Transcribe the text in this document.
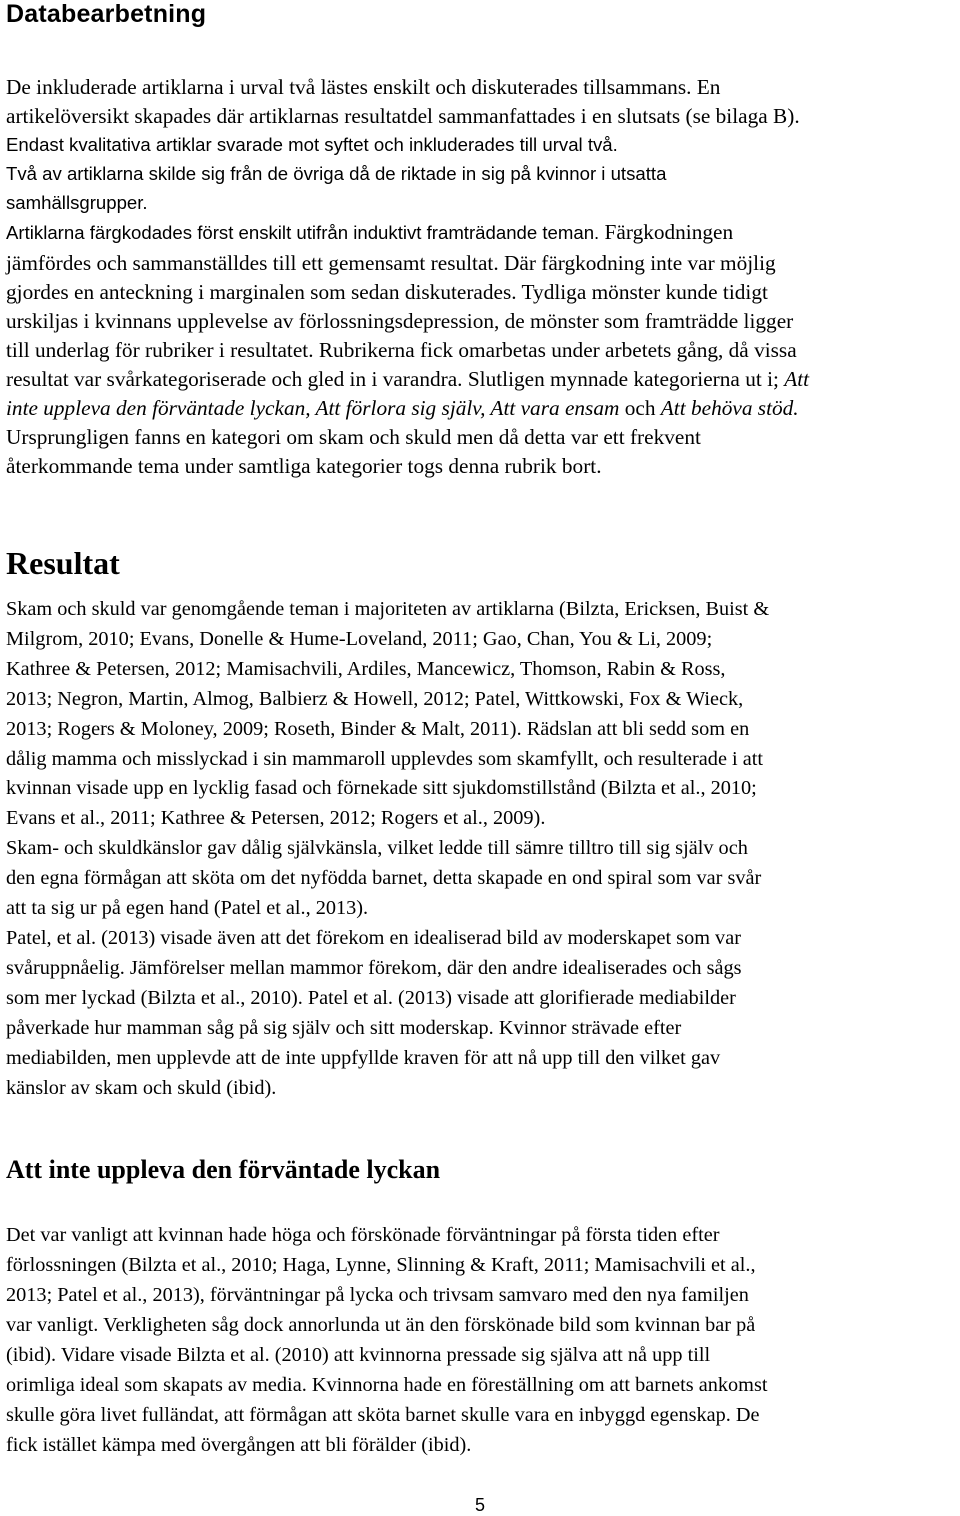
Databearbetning
De inkluderade artiklarna i urval två lästes enskilt och diskuterades tillsammans. En
artikelöversikt skapades där artiklarnas resultatdel sammanfattades i en slutsats (se bilaga B).
Endast kvalitativa artiklar svarade mot syftet och inkluderades till urval två.
Två av artiklarna skilde sig från de övriga då de riktade in sig på kvinnor i utsatta
samhällsgrupper.
Artiklarna färgkodades först enskilt utifrån induktivt framträdande teman. Färgkodningen
jämfördes och sammanställdes till ett gemensamt resultat. Där färgkodning inte var möjlig
gjordes en anteckning i marginalen som sedan diskuterades. Tydliga mönster kunde tidigt
urskiljas i kvinnans upplevelse av förlossningsdepression, de mönster som framträdde ligger
till underlag för rubriker i resultatet. Rubrikerna fick omarbetas under arbetets gång, då vissa
resultat var svårkategoriserade och gled in i varandra. Slutligen mynnade kategorierna ut i; Att
inte uppleva den förväntade lyckan, Att förlora sig själv, Att vara ensam och Att behöva stöd.
Ursprungligen fanns en kategori om skam och skuld men då detta var ett frekvent
återkommande tema under samtliga kategorier togs denna rubrik bort.
Resultat
Skam och skuld var genomgående teman i majoriteten av artiklarna (Bilzta, Ericksen, Buist &
Milgrom, 2010; Evans, Donelle & Hume-Loveland, 2011; Gao, Chan, You & Li, 2009;
Kathree & Petersen, 2012; Mamisachvili, Ardiles, Mancewicz, Thomson, Rabin & Ross,
2013; Negron, Martin, Almog, Balbierz & Howell, 2012; Patel, Wittkowski, Fox & Wieck,
2013; Rogers & Moloney, 2009; Roseth, Binder & Malt, 2011). Rädslan att bli sedd som en
dålig mamma och misslyckad i sin mammaroll upplevdes som skamfyllt, och resulterade i att
kvinnan visade upp en lycklig fasad och förnekade sitt sjukdomstillstånd (Bilzta et al., 2010;
Evans et al., 2011; Kathree & Petersen, 2012; Rogers et al., 2009).
Skam- och skuldkänslor gav dålig självkänsla, vilket ledde till sämre tilltro till sig själv och
den egna förmågan att sköta om det nyfödda barnet, detta skapade en ond spiral som var svår
att ta sig ur på egen hand (Patel et al., 2013).
Patel, et al. (2013) visade även att det förekom en idealiserad bild av moderskapet som var
svåruppnåelig. Jämförelser mellan mammor förekom, där den andre idealiserades och sågs
som mer lyckad (Bilzta et al., 2010). Patel et al. (2013) visade att glorifierade mediabilder
påverkade hur mamman såg på sig själv och sitt moderskap. Kvinnor strävade efter
mediabilden, men upplevde att de inte uppfyllde kraven för att nå upp till den vilket gav
känslor av skam och skuld (ibid).
Att inte uppleva den förväntade lyckan
Det var vanligt att kvinnan hade höga och förskönade förväntningar på första tiden efter
förlossningen (Bilzta et al., 2010; Haga, Lynne, Slinning & Kraft, 2011; Mamisachvili et al.,
2013; Patel et al., 2013), förväntningar på lycka och trivsam samvaro med den nya familjen
var vanligt. Verkligheten såg dock annorlunda ut än den förskönade bild som kvinnan bar på
(ibid). Vidare visade Bilzta et al. (2010) att kvinnorna pressade sig själva att nå upp till
orimliga ideal som skapats av media. Kvinnorna hade en föreställning om att barnets ankomst
skulle göra livet fulländat, att förmågan att sköta barnet skulle vara en inbyggd egenskap. De
fick istället kämpa med övergången att bli förälder (ibid).
5
